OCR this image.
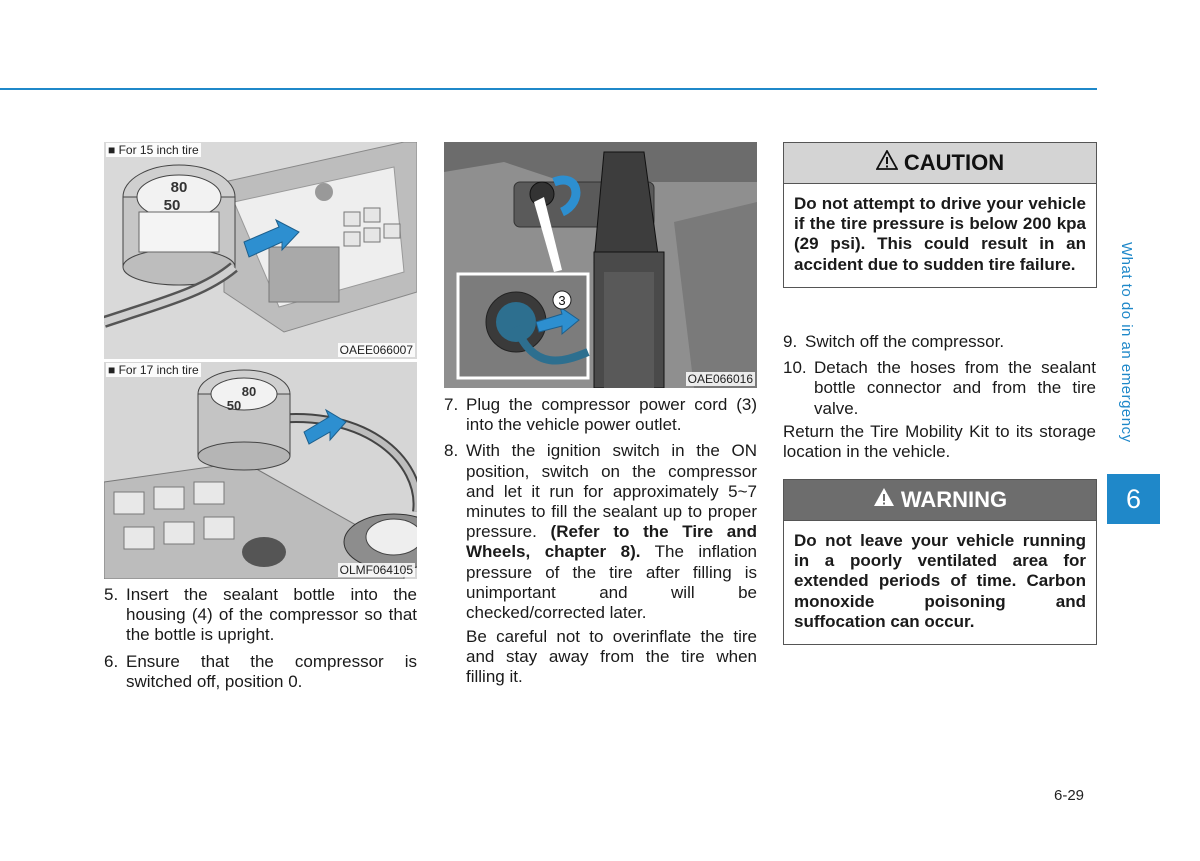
80
50
OAEE066007
■ For 15 inch tire
80
50
OLMF064105
■ For 17 inch tire
5. Insert the sealant bottle into the housing (4) of the compressor so that the bottle is upright.
6. Ensure that the compressor is switched off, position 0.
3
OAE066016
7. Plug the compressor power cord (3) into the vehicle power outlet.
8. With the ignition switch in the ON position, switch on the compressor and let it run for approximately 5~7 minutes to fill the sealant up to proper pressure. (Refer to the Tire and Wheels, chapter 8). The inflation pressure of the tire after filling is unimportant and will be checked/corrected later.
Be careful not to overinflate the tire and stay away from the tire when filling it.
CAUTION
Do not attempt to drive your vehicle if the tire pressure is below 200 kpa (29 psi). This could result in an accident due to sudden tire failure.
9. Switch off the compressor.
10. Detach the hoses from the sealant bottle connector and from the tire valve.
Return the Tire Mobility Kit to its storage location in the vehicle.
WARNING
Do not leave your vehicle running in a poorly ventilated area for extended periods of time. Carbon monoxide poisoning and suffocation can occur.
What to do in an emergency
6
6-29
